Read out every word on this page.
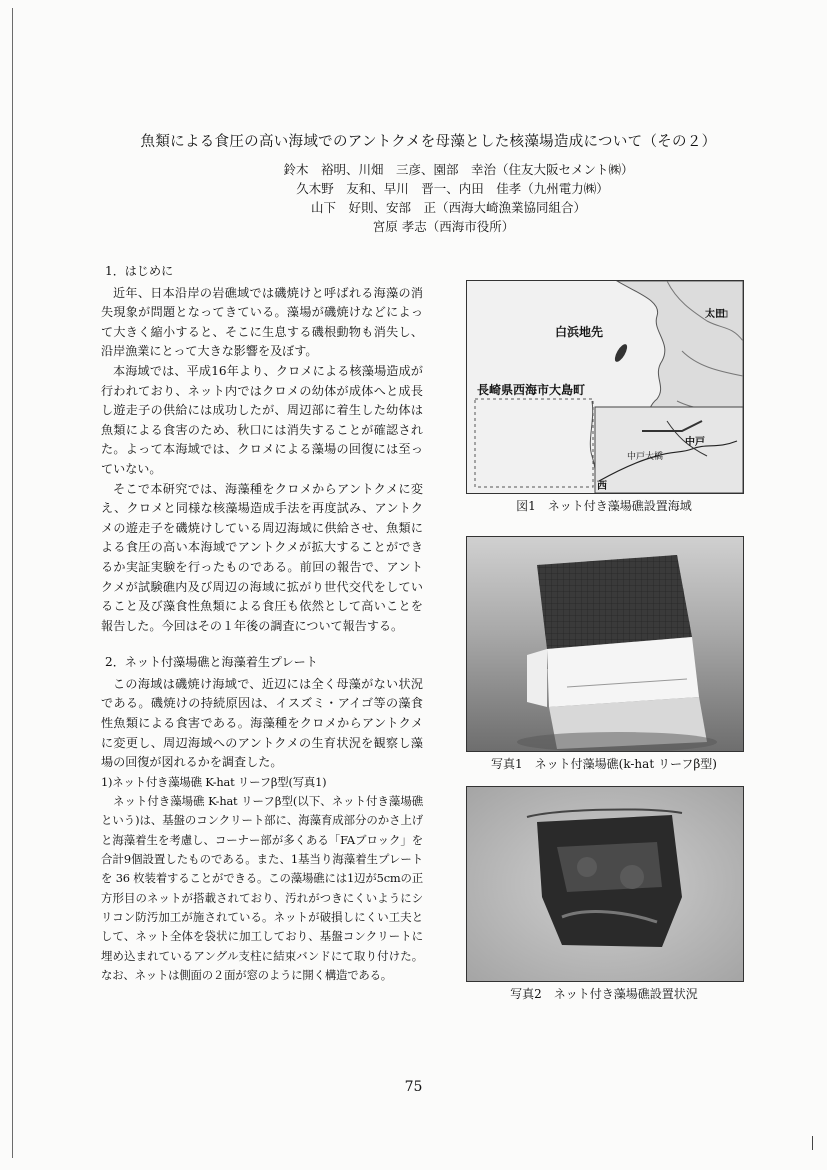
魚類による食圧の高い海域でのアントクメを母藻とした核藻場造成について（その２）
鈴木　裕明、川畑　三彦、園部　幸治（住友大阪セメント㈱）
久木野　友和、早川　晋一、内田　佳孝（九州電力㈱）
山下　好則、安部　正（西海大崎漁業協同組合）
宮原 孝志（西海市役所）
1．はじめに

近年、日本沿岸の岩礁域では磯焼けと呼ばれる海藻の消失現象が問題となってきている。藻場が磯焼けなどによって大きく縮小すると、そこに生息する磯根動物も消失し、沿岸漁業にとって大きな影響を及ぼす。

本海域では、平成16年より、クロメによる核藻場造成が行われており、ネット内ではクロメの幼体が成体へと成長し遊走子の供給には成功したが、周辺部に着生した幼体は魚類による食害のため、秋口には消失することが確認された。よって本海域では、クロメによる藻場の回復には至っていない。

そこで本研究では、海藻種をクロメからアントクメに変え、クロメと同様な核藻場造成手法を再度試み、アントクメの遊走子を磯焼けしている周辺海域に供給させ、魚類による食圧の高い本海域でアントクメが拡大することができるか実証実験を行ったものである。前回の報告で、アントクメが試験礁内及び周辺の海域に拡がり世代交代をしていること及び藻食性魚類による食圧も依然として高いことを報告した。今回はその１年後の調査について報告する。

2．ネット付藻場礁と海藻着生プレート

この海域は磯焼け海域で、近辺には全く母藻がない状況である。磯焼けの持続原因は、イスズミ・アイゴ等の藻食性魚類による食害である。海藻種をクロメからアントクメに変更し、周辺海域へのアントクメの生育状況を観察し藻場の回復が図れるかを調査した。

1)ネット付き藻場礁 K-hat リーフβ型(写真1)

ネット付き藻場礁 K-hat リーフβ型(以下、ネット付き藻場礁という)は、基盤のコンクリート部に、海藻育成部分のかさ上げと海藻着生を考慮し、コーナー部が多くある「FAブロック」を合計9個設置したものである。また、1基当り海藻着生プレートを 36 枚装着することができる。この藻場礁には1辺が5cmの正方形目のネットが搭載されており、汚れがつきにくいようにシリコン防汚加工が施されている。ネットが破損しにくい工夫として、ネット全体を袋状に加工しており、基盤コンクリートに埋め込まれているアングル支柱に結束バンドにて取り付けた。なお、ネットは側面の２面が窓のように開く構造である。

白浜地先
長崎県西海市大島町
太田
中戸
中戸大橋
西
図1　ネット付き藻場礁設置海域
写真1　ネット付藻場礁(k-hat リーフβ型)
写真2　ネット付き藻場礁設置状況
75
